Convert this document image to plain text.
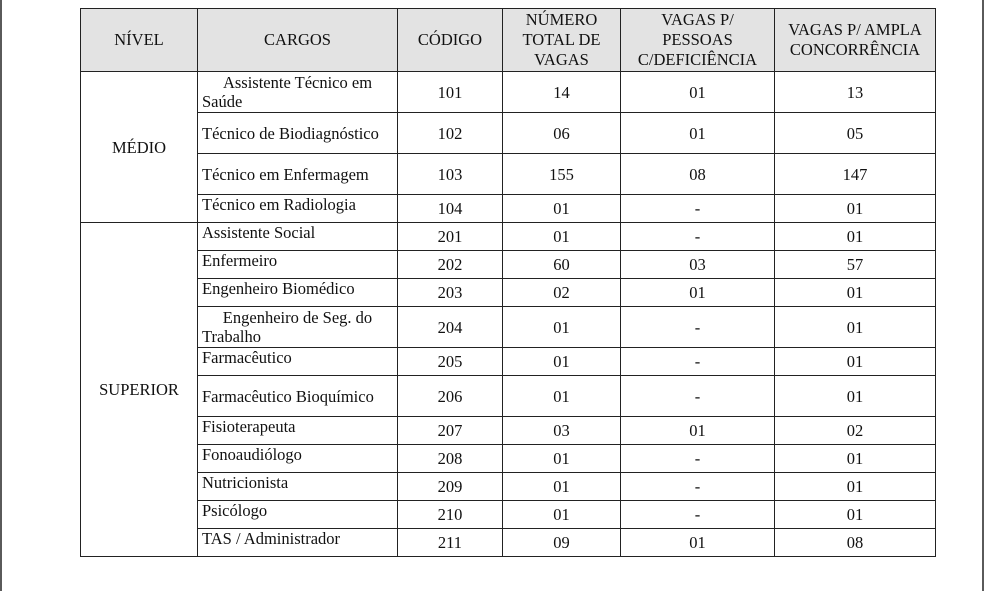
NÍVEL	CARGOS	CÓDIGO	NÚMERO TOTAL DE VAGAS	VAGAS P/ PESSOAS C/DEFICIÊNCIA	VAGAS P/ AMPLA CONCORRÊNCIA
MÉDIO	Assistente Técnico em Saúde	101	14	01	13
	Técnico de Biodiagnóstico	102	06	01	05
	Técnico em Enfermagem	103	155	08	147
	Técnico em Radiologia	104	01	-	01
SUPERIOR	Assistente Social	201	01	-	01
	Enfermeiro	202	60	03	57
	Engenheiro Biomédico	203	02	01	01
	Engenheiro de Seg. do Trabalho	204	01	-	01
	Farmacêutico	205	01	-	01
	Farmacêutico Bioquímico	206	01	-	01
	Fisioterapeuta	207	03	01	02
	Fonoaudiólogo	208	01	-	01
	Nutricionista	209	01	-	01
	Psicólogo	210	01	-	01
	TAS / Administrador	211	09	01	08
